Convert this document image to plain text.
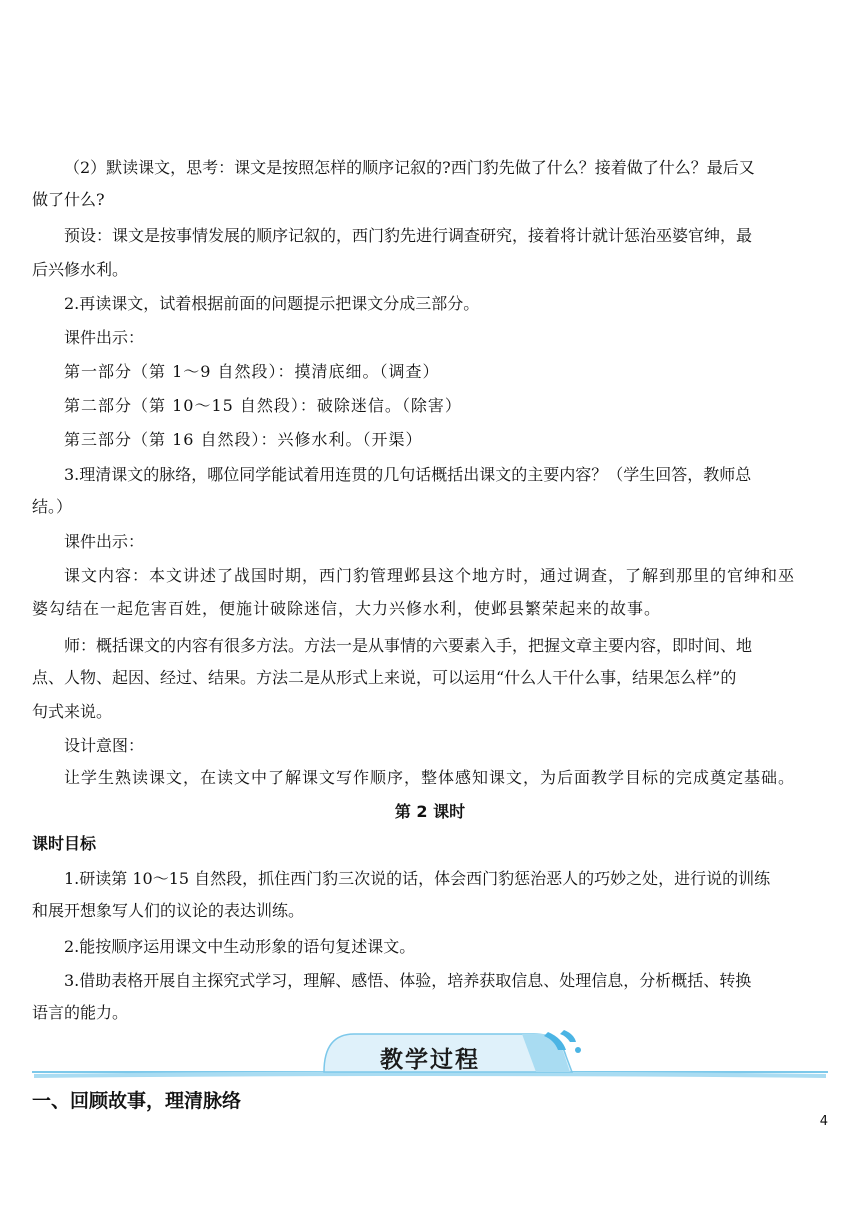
（2）默读课文，思考：课文是按照怎样的顺序记叙的?西门豹先做了什么？接着做了什么？最后又
做了什么?
预设：课文是按事情发展的顺序记叙的，西门豹先进行调查研究，接着将计就计惩治巫婆官绅，最
后兴修水利。
2.再读课文，试着根据前面的问题提示把课文分成三部分。
课件出示：
第一部分（第 1～9 自然段）：摸清底细。（调查）
第二部分（第 10～15 自然段）：破除迷信。（除害）
第三部分（第 16 自然段）：兴修水利。（开渠）
3.理清课文的脉络，哪位同学能试着用连贯的几句话概括出课文的主要内容？（学生回答，教师总
结。）
课件出示：
课文内容：本文讲述了战国时期，西门豹管理邺县这个地方时，通过调查，了解到那里的官绅和巫
婆勾结在一起危害百姓，便施计破除迷信，大力兴修水利，使邺县繁荣起来的故事。
师：概括课文的内容有很多方法。方法一是从事情的六要素入手，把握文章主要内容，即时间、地
点、人物、起因、经过、结果。方法二是从形式上来说，可以运用“什么人干什么事，结果怎么样”的
句式来说。
设计意图：
让学生熟读课文，在读文中了解课文写作顺序，整体感知课文，为后面教学目标的完成奠定基础。
第 2 课时
课时目标
1.研读第 10～15 自然段，抓住西门豹三次说的话，体会西门豹惩治恶人的巧妙之处，进行说的训练
和展开想象写人们的议论的表达训练。
2.能按顺序运用课文中生动形象的语句复述课文。
3.借助表格开展自主探究式学习，理解、感悟、体验，培养获取信息、处理信息，分析概括、转换
语言的能力。
教学过程
一、回顾故事，理清脉络
4
